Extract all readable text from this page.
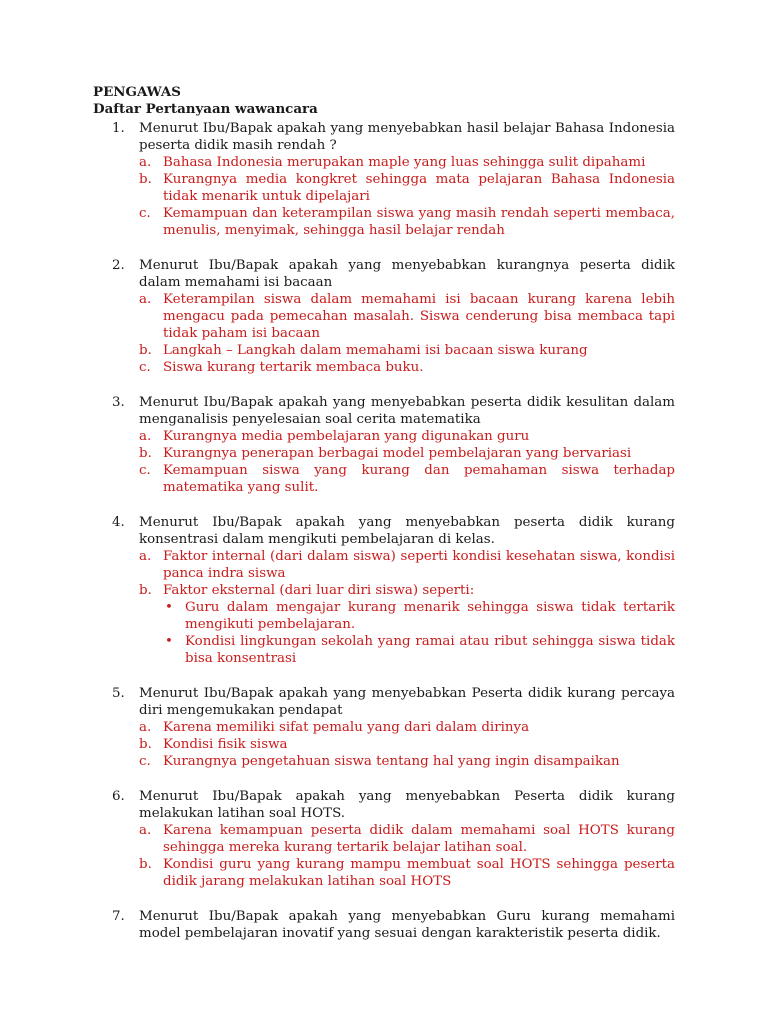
PENGAWAS
Daftar Pertanyaan wawancara
1. Menurut Ibu/Bapak apakah yang menyebabkan hasil belajar Bahasa Indonesia peserta didik masih rendah ?
a. Bahasa Indonesia merupakan maple yang luas sehingga sulit dipahami
b. Kurangnya media kongkret sehingga mata pelajaran Bahasa Indonesia tidak menarik untuk dipelajari
c. Kemampuan dan keterampilan siswa yang masih rendah seperti membaca, menulis, menyimak, sehingga hasil belajar rendah
2. Menurut Ibu/Bapak apakah yang menyebabkan kurangnya peserta didik dalam memahami isi bacaan
a. Keterampilan siswa dalam memahami isi bacaan kurang karena lebih mengacu pada pemecahan masalah. Siswa cenderung bisa membaca tapi tidak paham isi bacaan
b. Langkah – Langkah dalam memahami isi bacaan siswa kurang
c. Siswa kurang tertarik membaca buku.
3. Menurut Ibu/Bapak apakah yang menyebabkan peserta didik kesulitan dalam menganalisis penyelesaian soal cerita matematika
a. Kurangnya media pembelajaran yang digunakan guru
b. Kurangnya penerapan berbagai model pembelajaran yang bervariasi
c. Kemampuan siswa yang kurang dan pemahaman siswa terhadap matematika yang sulit.
4. Menurut Ibu/Bapak apakah yang menyebabkan peserta didik kurang konsentrasi dalam mengikuti pembelajaran di kelas.
a. Faktor internal (dari dalam siswa) seperti kondisi kesehatan siswa, kondisi panca indra siswa
b. Faktor eksternal (dari luar diri siswa) seperti:
• Guru dalam mengajar kurang menarik sehingga siswa tidak tertarik mengikuti pembelajaran.
• Kondisi lingkungan sekolah yang ramai atau ribut sehingga siswa tidak bisa konsentrasi
5. Menurut Ibu/Bapak apakah yang menyebabkan Peserta didik kurang percaya diri mengemukakan pendapat
a. Karena memiliki sifat pemalu yang dari dalam dirinya
b. Kondisi fisik siswa
c. Kurangnya pengetahuan siswa tentang hal yang ingin disampaikan
6. Menurut Ibu/Bapak apakah yang menyebabkan Peserta didik kurang melakukan latihan soal HOTS.
a. Karena kemampuan peserta didik dalam memahami soal HOTS kurang sehingga mereka kurang tertarik belajar latihan soal.
b. Kondisi guru yang kurang mampu membuat soal HOTS sehingga peserta didik jarang melakukan latihan soal HOTS
7. Menurut Ibu/Bapak apakah yang menyebabkan Guru kurang memahami model pembelajaran inovatif yang sesuai dengan karakteristik peserta didik.
